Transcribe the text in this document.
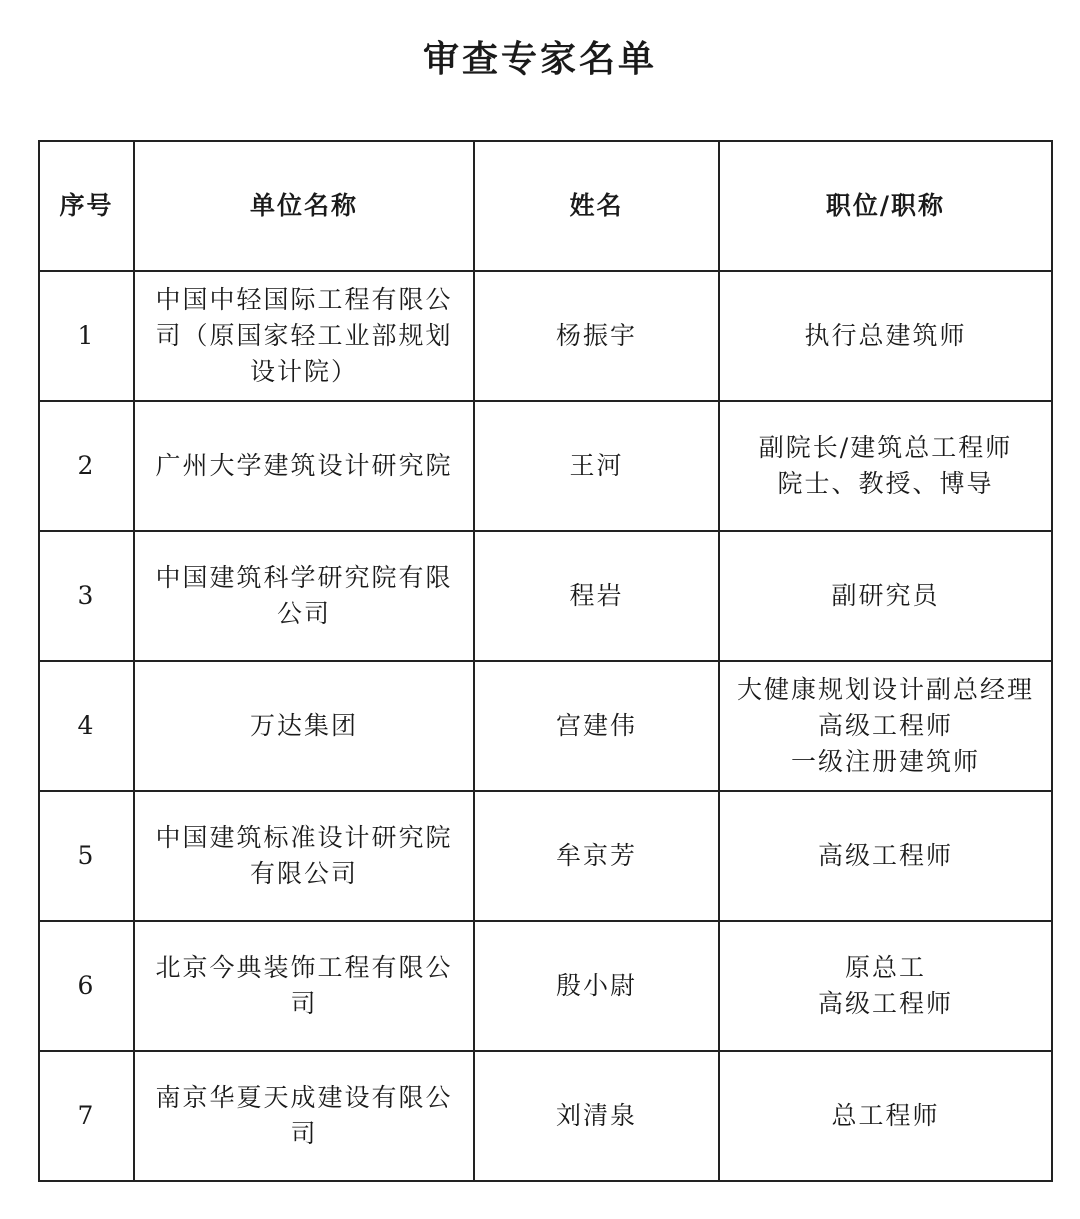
审查专家名单
序号	单位名称	姓名	职位/职称
1	中国中轻国际工程有限公
司（原国家轻工业部规划
设计院）	杨振宇	执行总建筑师

2	广州大学建筑设计研究院	王河	副院长/建筑总工程师
院士、教授、博导

3	中国建筑科学研究院有限
公司	程岩	副研究员

4	万达集团	宫建伟	大健康规划设计副总经理
高级工程师
一级注册建筑师

5	中国建筑标准设计研究院
有限公司	牟京芳	高级工程师

6	北京今典装饰工程有限公
司	殷小尉	原总工
高级工程师

7	南京华夏天成建设有限公
司	刘清泉	总工程师
